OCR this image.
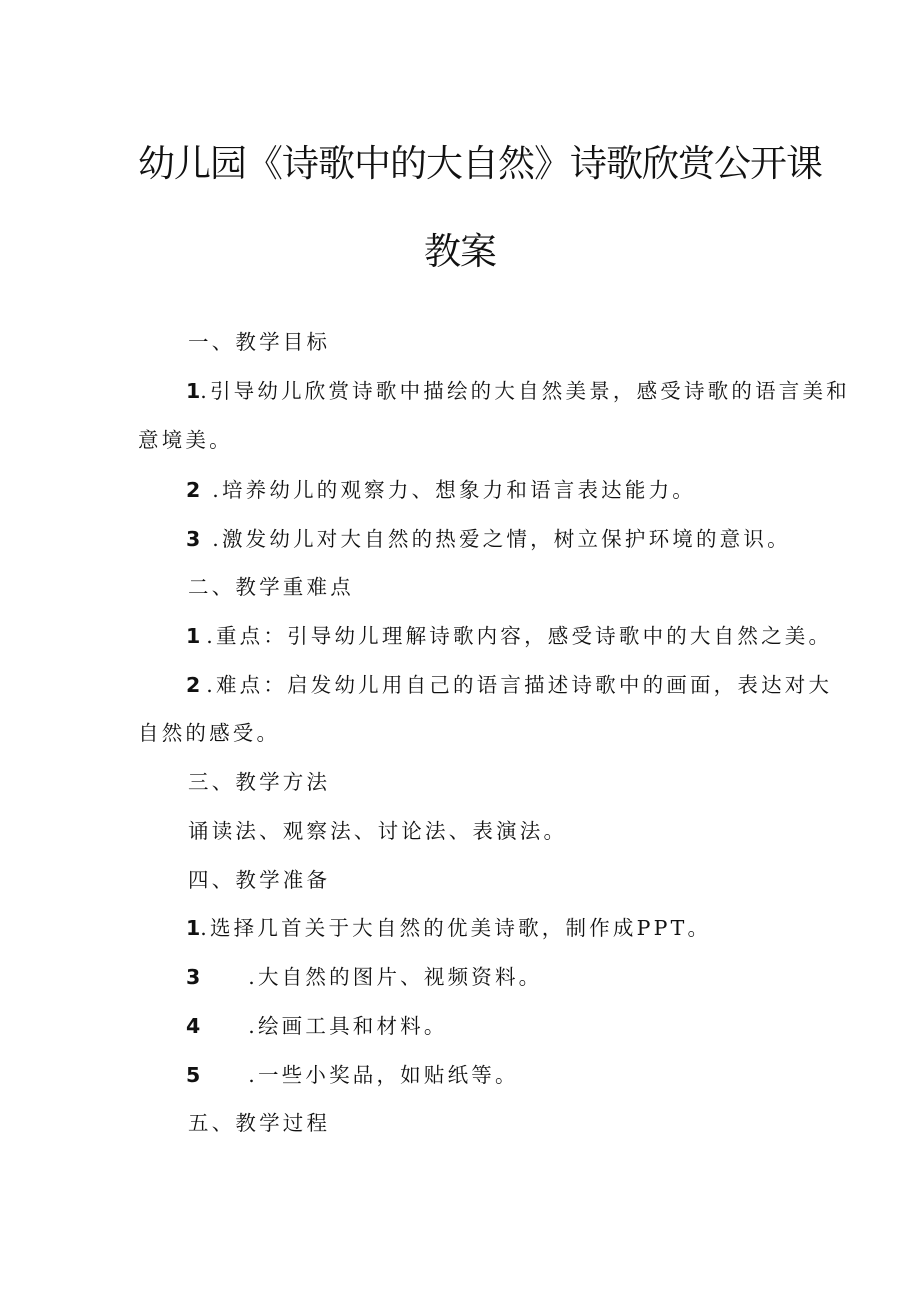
幼儿园《诗歌中的大自然》诗歌欣赏公开课
教案
一、教学目标
1.引导幼儿欣赏诗歌中描绘的大自然美景，感受诗歌的语言美和
意境美。
2 .培养幼儿的观察力、想象力和语言表达能力。
3 .激发幼儿对大自然的热爱之情，树立保护环境的意识。
二、教学重难点
1 .重点：引导幼儿理解诗歌内容，感受诗歌中的大自然之美。
2 .难点：启发幼儿用自己的语言描述诗歌中的画面，表达对大
自然的感受。
三、教学方法
诵读法、观察法、讨论法、表演法。
四、教学准备
1.选择几首关于大自然的优美诗歌，制作成PPT。
3 .大自然的图片、视频资料。
4 .绘画工具和材料。
5 .一些小奖品，如贴纸等。
五、教学过程
